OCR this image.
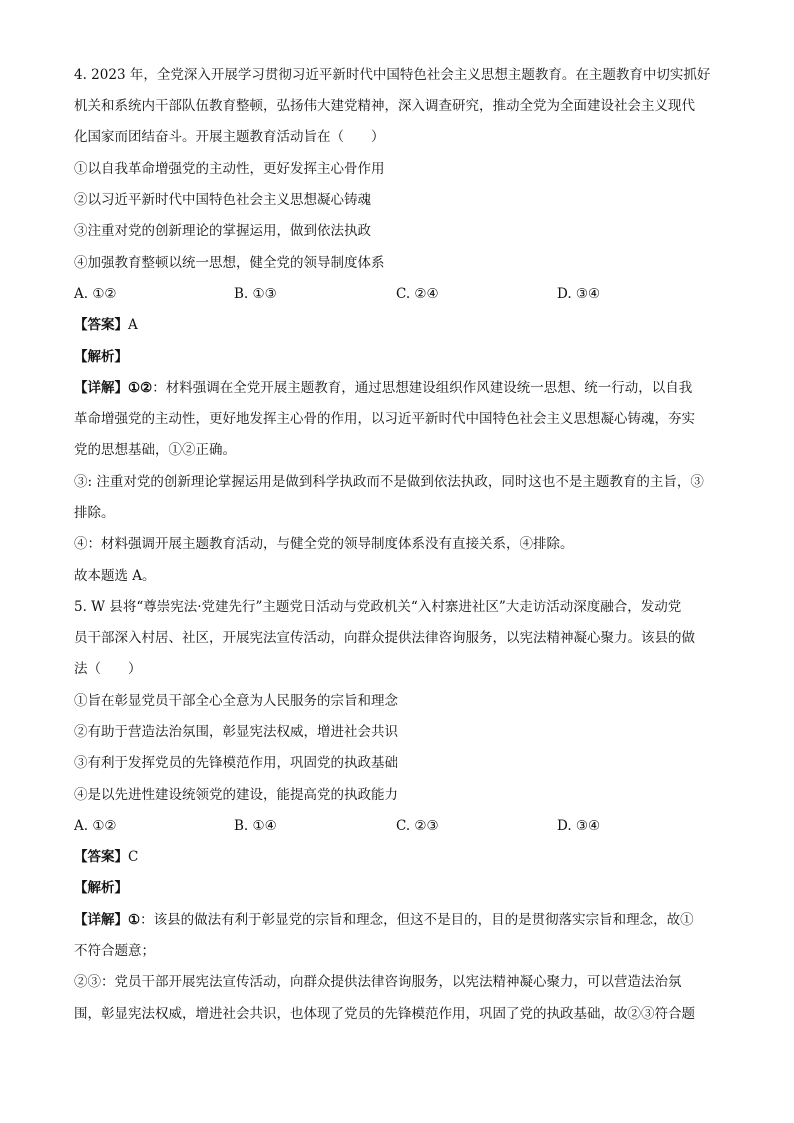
4. 2023 年，全党深入开展学习贯彻习近平新时代中国特色社会主义思想主题教育。在主题教育中切实抓好
机关和系统内干部队伍教育整顿，弘扬伟大建党精神，深入调查研究，推动全党为全面建设社会主义现代
化国家而团结奋斗。开展主题教育活动旨在（　　）
①以自我革命增强党的主动性，更好发挥主心骨作用
②以习近平新时代中国特色社会主义思想凝心铸魂
③注重对党的创新理论的掌握运用，做到依法执政
④加强教育整顿以统一思想，健全党的领导制度体系
A. ①②	B. ①③	C. ②④	D. ③④
【答案】A
【解析】
【详解】①②：材料强调在全党开展主题教育，通过思想建设组织作风建设统一思想、统一行动，以自我
革命增强党的主动性，更好地发挥主心骨的作用，以习近平新时代中国特色社会主义思想凝心铸魂，夯实
党的思想基础，①②正确。
③: 注重对党的创新理论掌握运用是做到科学执政而不是做到依法执政，同时这也不是主题教育的主旨，③
排除。
④：材料强调开展主题教育活动，与健全党的领导制度体系没有直接关系，④排除。
故本题选 A。
5. W 县将“尊崇宪法·党建先行”主题党日活动与党政机关“入村寨进社区”大走访活动深度融合，发动党
员干部深入村居、社区，开展宪法宣传活动，向群众提供法律咨询服务，以宪法精神凝心聚力。该县的做
法（　　）
①旨在彰显党员干部全心全意为人民服务的宗旨和理念
②有助于营造法治氛围，彰显宪法权威，增进社会共识
③有利于发挥党员的先锋模范作用，巩固党的执政基础
④是以先进性建设统领党的建设，能提高党的执政能力
A. ①②	B. ①④	C. ②③	D. ③④
【答案】C
【解析】
【详解】①：该县的做法有利于彰显党的宗旨和理念，但这不是目的，目的是贯彻落实宗旨和理念，故①
不符合题意；
②③：党员干部开展宪法宣传活动，向群众提供法律咨询服务，以宪法精神凝心聚力，可以营造法治氛
围，彰显宪法权威，增进社会共识，也体现了党员的先锋模范作用，巩固了党的执政基础，故②③符合题
